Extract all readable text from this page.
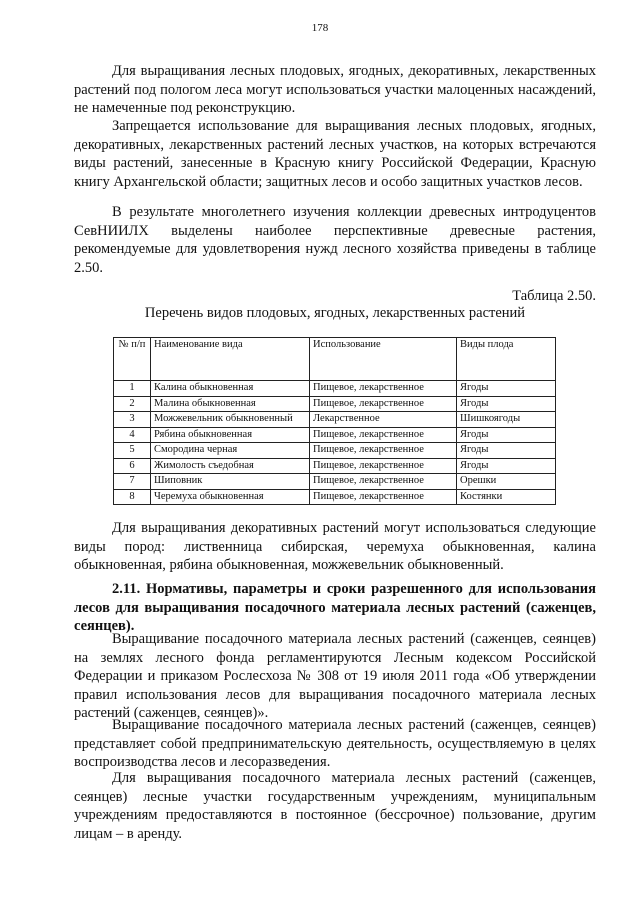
178

Для выращивания лесных плодовых, ягодных, декоративных, лекарственных растений под пологом леса могут использоваться участки малоценных насаждений, не намеченные под реконструкцию.

Запрещается использование для выращивания лесных плодовых, ягодных, декоративных, лекарственных растений лесных участков, на которых встречаются виды растений, занесенные в Красную книгу Российской Федерации, Красную книгу Архангельской области; защитных лесов и особо защитных участков лесов.

В результате многолетнего изучения коллекции древесных интродуцентов СевНИИЛХ выделены наиболее перспективные древесные растения, рекомендуемые для удовлетворения нужд лесного хозяйства приведены в таблице 2.50.

Таблица 2.50.
Перечень видов плодовых, ягодных, лекарственных растений
№ п/п	Наименование вида	Использование	Виды плода
1	Калина обыкновенная	Пищевое, лекарственное	Ягоды
2	Малина обыкновенная	Пищевое, лекарственное	Ягоды
3	Можжевельник обыкновенный	Лекарственное	Шишкоягоды
4	Рябина обыкновенная	Пищевое, лекарственное	Ягоды
5	Смородина черная	Пищевое, лекарственное	Ягоды
6	Жимолость съедобная	Пищевое, лекарственное	Ягоды
7	Шиповник	Пищевое, лекарственное	Орешки
8	Черемуха обыкновенная	Пищевое, лекарственное	Костянки

Для выращивания декоративных растений могут использоваться следующие виды пород: лиственница сибирская, черемуха обыкновенная, калина обыкновенная, рябина обыкновенная, можжевельник обыкновенный.

2.11. Нормативы, параметры и сроки разрешенного для использования лесов для выращивания посадочного материала лесных растений (саженцев, сеянцев).

Выращивание посадочного материала лесных растений (саженцев, сеянцев) на землях лесного фонда регламентируются Лесным кодексом Российской Федерации и приказом Рослесхоза № 308 от 19 июля 2011 года «Об утверждении правил использования лесов для выращивания посадочного материала лесных растений (саженцев, сеянцев)».

Выращивание посадочного материала лесных растений (саженцев, сеянцев) представляет собой предпринимательскую деятельность, осуществляемую в целях воспроизводства лесов и лесоразведения.

Для выращивания посадочного материала лесных растений (саженцев, сеянцев) лесные участки государственным учреждениям, муниципальным учреждениям предоставляются в постоянное (бессрочное) пользование, другим лицам – в аренду.
